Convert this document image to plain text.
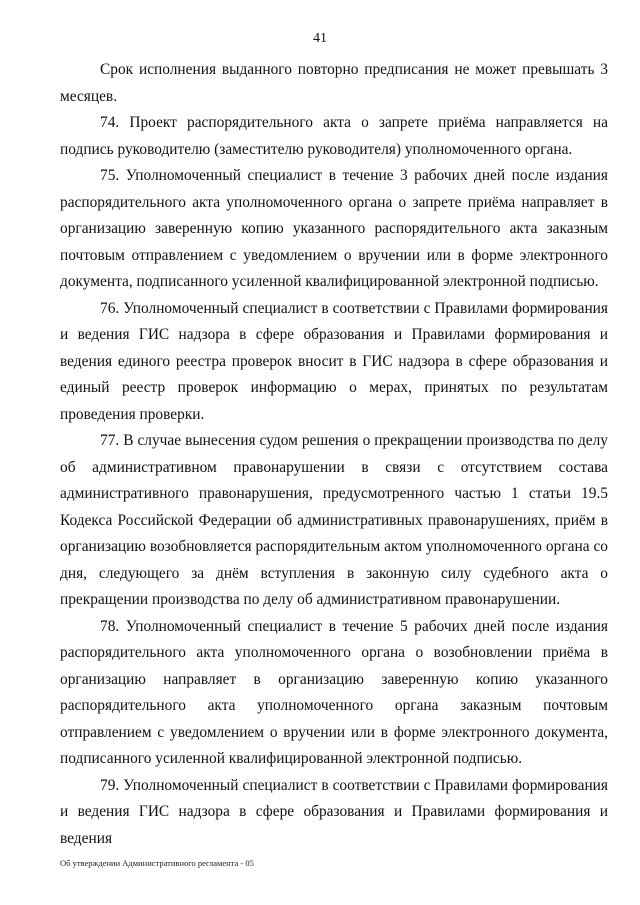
41

Срок исполнения выданного повторно предписания не может превышать 3 месяцев.

74. Проект распорядительного акта о запрете приёма направляется на подпись руководителю (заместителю руководителя) уполномоченного органа.

75. Уполномоченный специалист в течение 3 рабочих дней после издания распорядительного акта уполномоченного органа о запрете приёма направляет в организацию заверенную копию указанного распорядительного акта заказным почтовым отправлением с уведомлением о вручении или в форме электронного документа, подписанного усиленной квалифицированной электронной подписью.

76. Уполномоченный специалист в соответствии с Правилами формирования и ведения ГИС надзора в сфере образования и Правилами формирования и ведения единого реестра проверок вносит в ГИС надзора в сфере образования и единый реестр проверок информацию о мерах, принятых по результатам проведения проверки.

77. В случае вынесения судом решения о прекращении производства по делу об административном правонарушении в связи с отсутствием состава административного правонарушения, предусмотренного частью 1 статьи 19.5 Кодекса Российской Федерации об административных правонарушениях, приём в организацию возобновляется распорядительным актом уполномоченного органа со дня, следующего за днём вступления в законную силу судебного акта о прекращении производства по делу об административном правонарушении.

78. Уполномоченный специалист в течение 5 рабочих дней после издания распорядительного акта уполномоченного органа о возобновлении приёма в организацию направляет в организацию заверенную копию указанного распорядительного акта уполномоченного органа заказным почтовым отправлением с уведомлением о вручении или в форме электронного документа, подписанного усиленной квалифицированной электронной подписью.

79. Уполномоченный специалист в соответствии с Правилами формирования и ведения ГИС надзора в сфере образования и Правилами формирования и ведения

Об утверждении Административного регламента - 05
